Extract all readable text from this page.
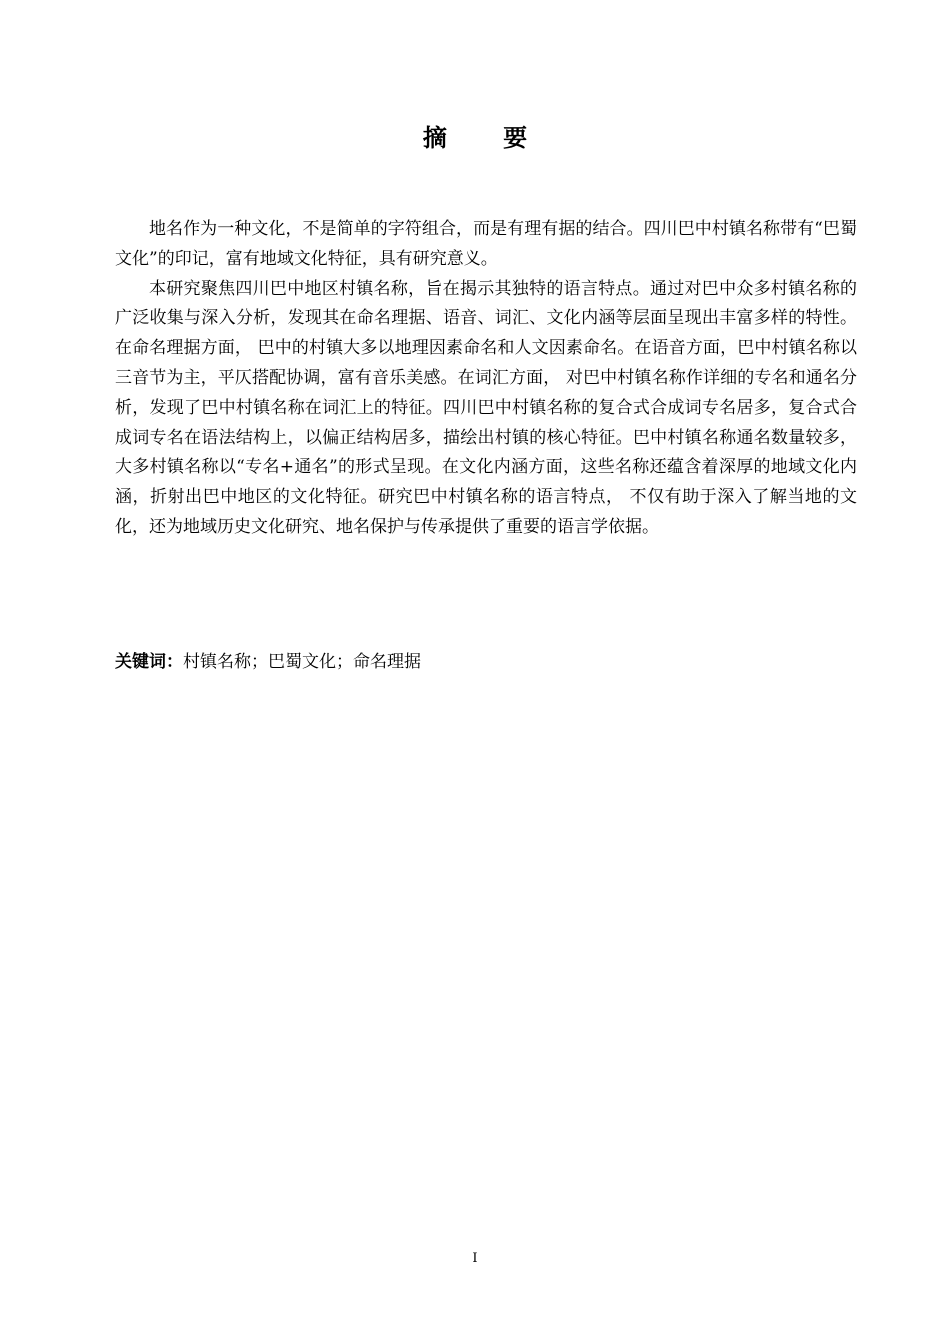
摘 要

地名作为一种文化，不是简单的字符组合，而是有理有据的结合。四川巴中村镇名称带有“巴蜀文化”的印记，富有地域文化特征，具有研究意义。

本研究聚焦四川巴中地区村镇名称，旨在揭示其独特的语言特点。通过对巴中众多村镇名称的广泛收集与深入分析，发现其在命名理据、语音、词汇、文化内涵等层面呈现出丰富多样的特性。在命名理据方面， 巴中的村镇大多以地理因素命名和人文因素命名。在语音方面，巴中村镇名称以三音节为主，平仄搭配协调，富有音乐美感。在词汇方面， 对巴中村镇名称作详细的专名和通名分析，发现了巴中村镇名称在词汇上的特征。四川巴中村镇名称的复合式合成词专名居多，复合式合成词专名在语法结构上，以偏正结构居多，描绘出村镇的核心特征。巴中村镇名称通名数量较多， 大多村镇名称以“专名+通名”的形式呈现。在文化内涵方面，这些名称还蕴含着深厚的地域文化内涵，折射出巴中地区的文化特征。研究巴中村镇名称的语言特点， 不仅有助于深入了解当地的文化，还为地域历史文化研究、地名保护与传承提供了重要的语言学依据。

关键词：村镇名称；巴蜀文化；命名理据
I
